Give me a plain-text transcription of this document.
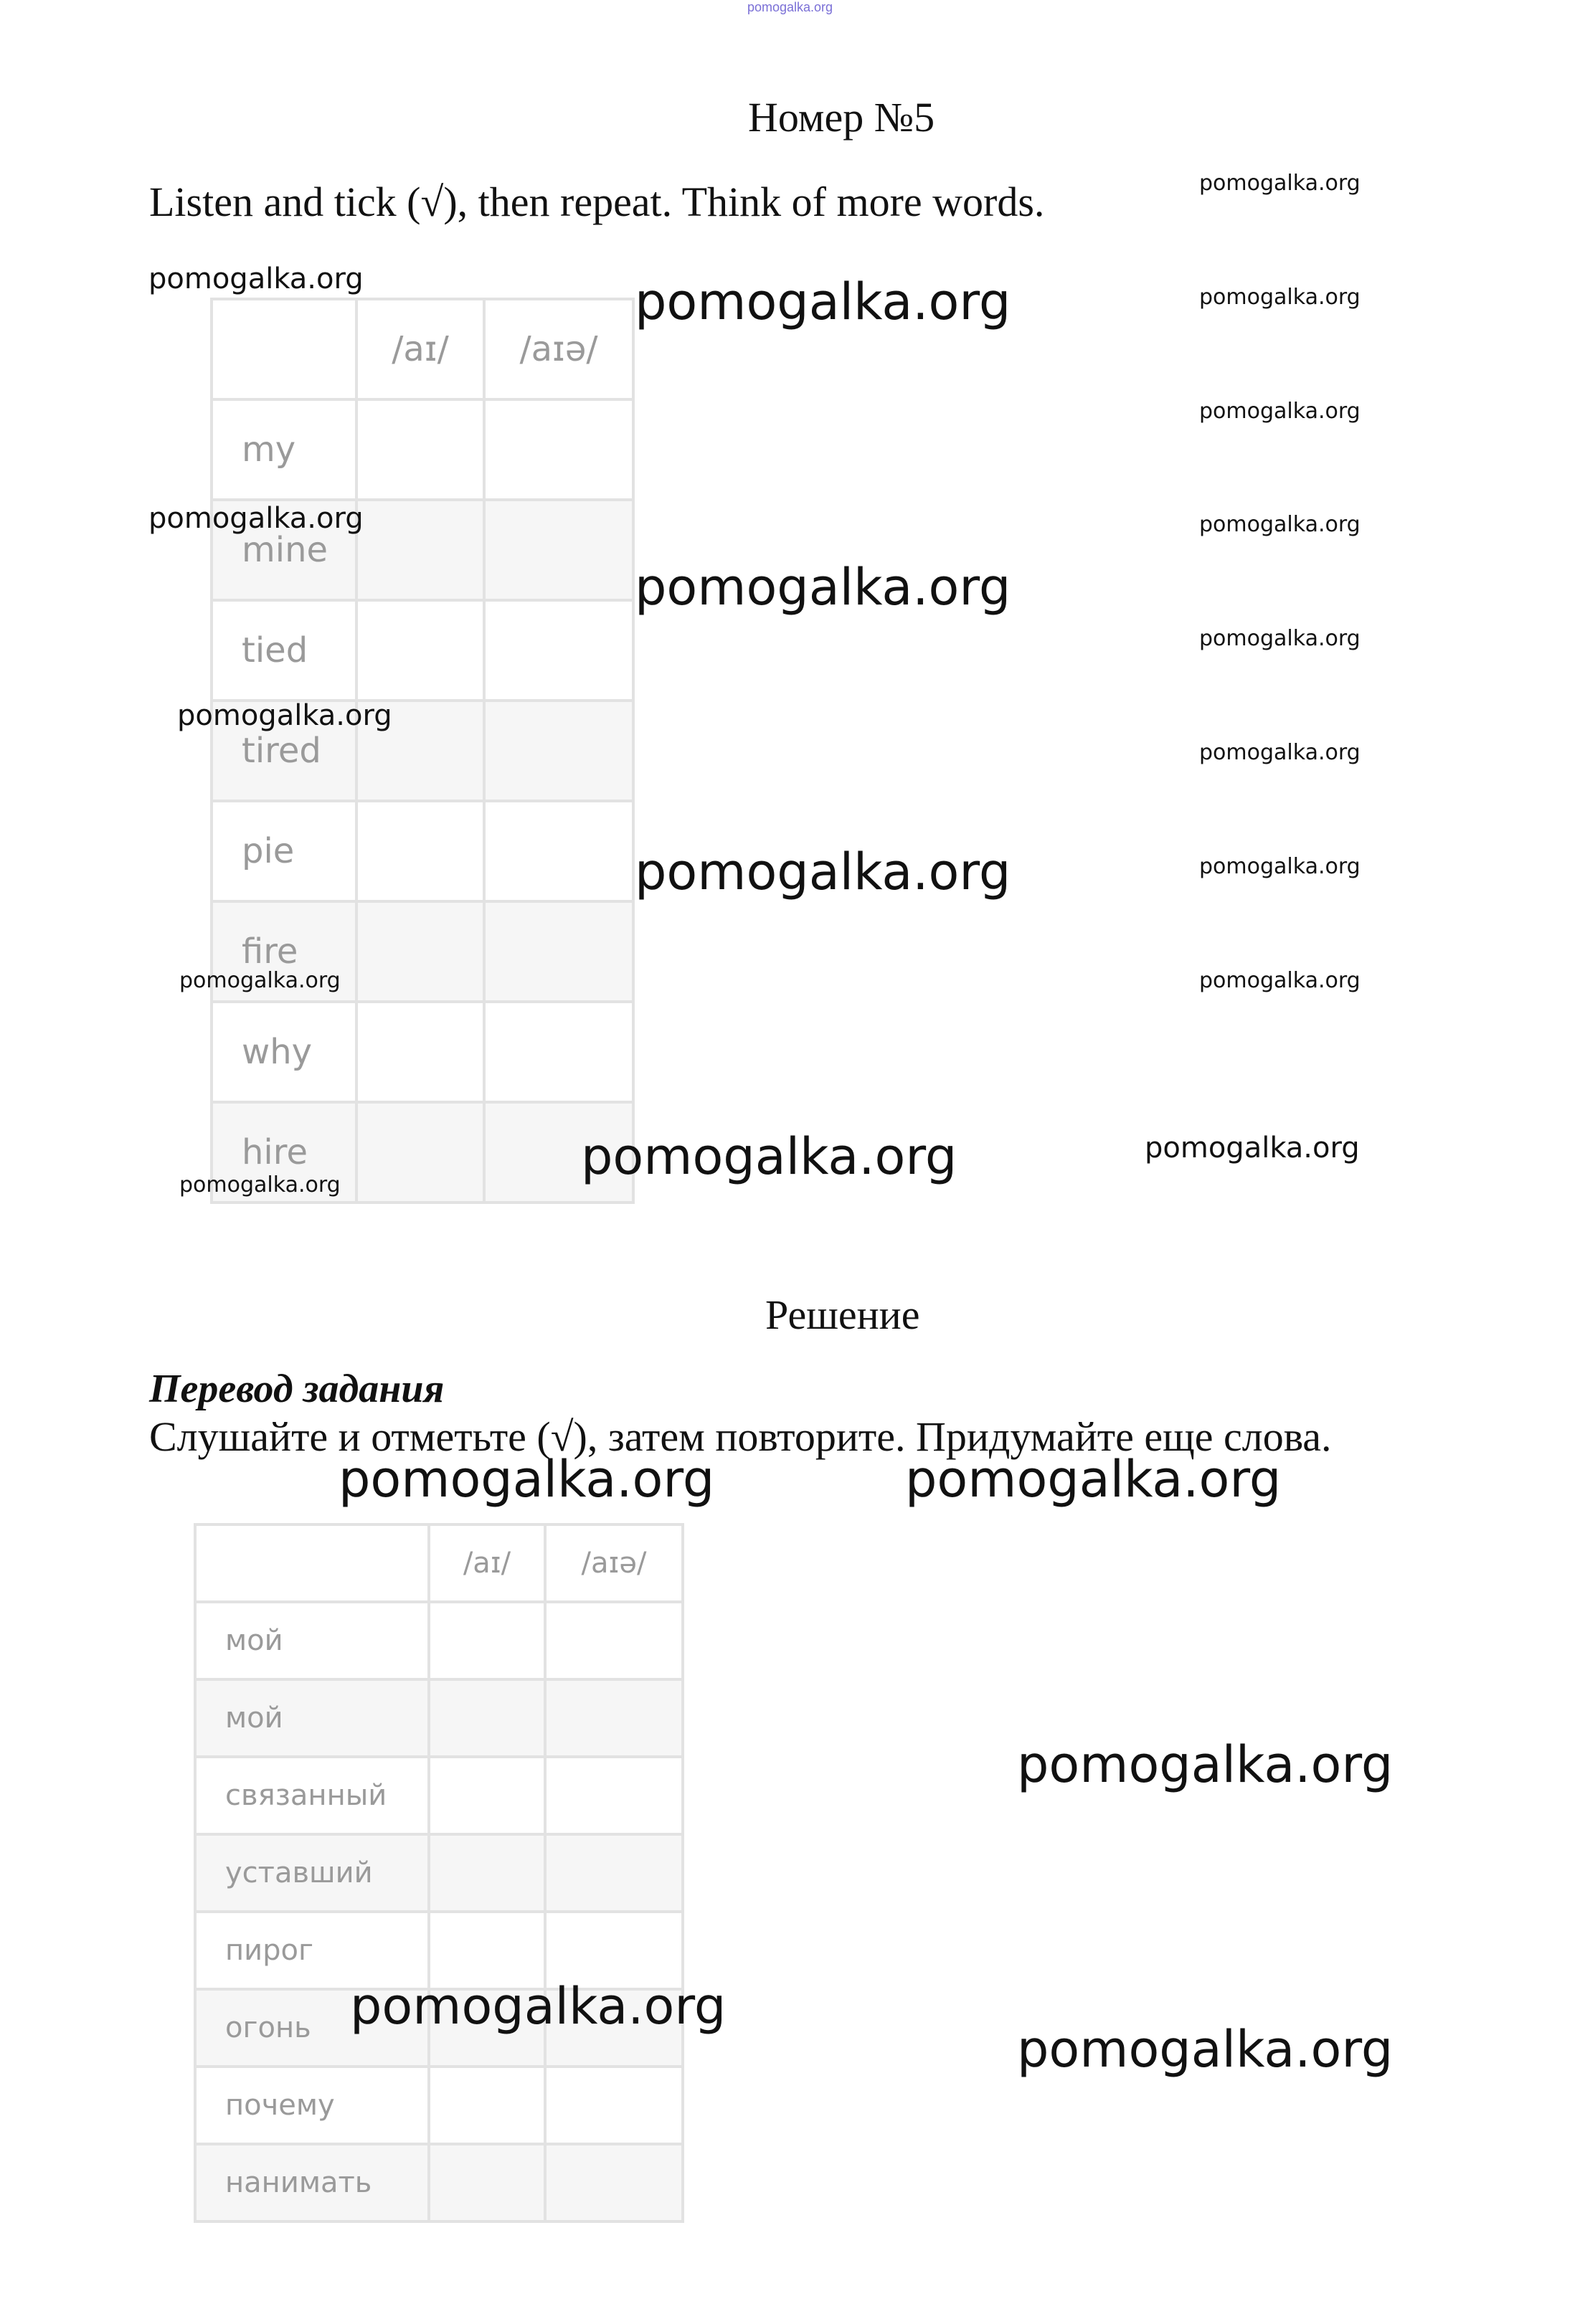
pomogalka.org
Номер №5
Listen and tick (√), then repeat. Think of more words.
	/aɪ/	/aɪə/
my		
mine		
tied		
tired		
pie		
fire		
why		
hire		
pomogalka.org	pomogalka.org
pomogalka.org
pomogalka.org
pomogalka.org
pomogalka.org
pomogalka.org
pomogalka.org
pomogalka.org
pomogalka.org
pomogalka.org
pomogalka.org
pomogalka.org
pomogalka.org
pomogalka.org
pomogalka.org
pomogalka.org
pomogalka.org
Решение
Перевод задания
Слушайте и отметьте (√), затем повторите. Придумайте еще слова.
pomogalka.org	pomogalka.org
	/aɪ/	/aɪə/
мой		
мой		
связанный		
уставший		
пирог		
огонь		
почему		
нанимать		
pomogalka.org
pomogalka.org
pomogalka.org
